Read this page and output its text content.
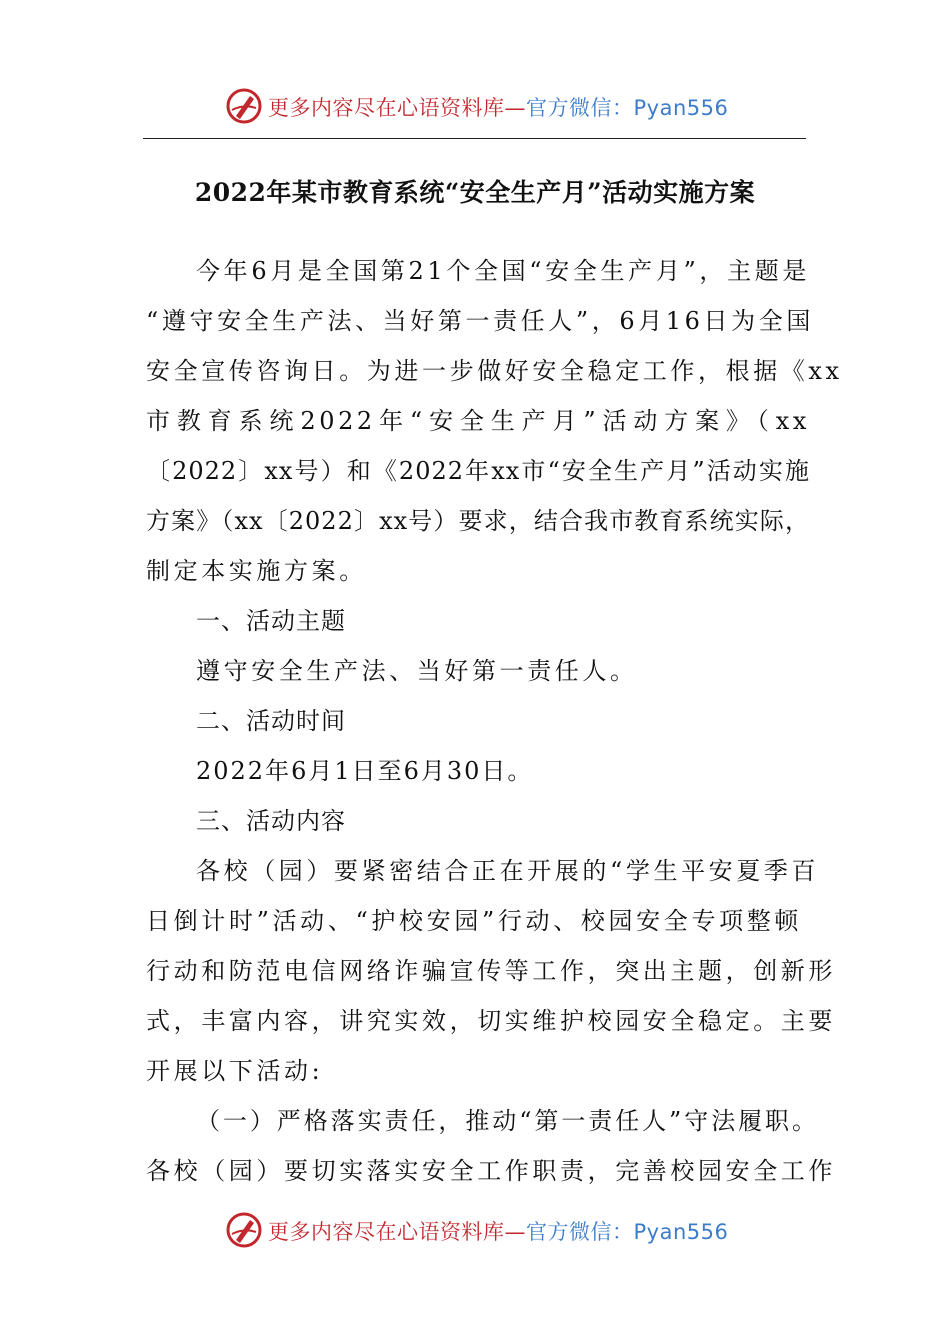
更多内容尽在心语资料库—官方微信：Pyan556
2022年某市教育系统“安全生产月”活动实施方案
今年6月是全国第21个全国“安全生产月”，主题是
“遵守安全生产法、当好第一责任人”，6月16日为全国
安全宣传咨询日。为进一步做好安全稳定工作，根据《xx
市教育系统2022年“安全生产月”活动方案》（xx
〔2022〕xx号）和《2022年xx市“安全生产月”活动实施
方案》（xx〔2022〕xx号）要求，结合我市教育系统实际，
制定本实施方案。
一、活动主题
遵守安全生产法、当好第一责任人。
二、活动时间
2022年6月1日至6月30日。
三、活动内容
各校（园）要紧密结合正在开展的“学生平安夏季百
日倒计时”活动、“护校安园”行动、校园安全专项整顿
行动和防范电信网络诈骗宣传等工作，突出主题，创新形
式，丰富内容，讲究实效，切实维护校园安全稳定。主要
开展以下活动:
（一）严格落实责任，推动“第一责任人”守法履职。
各校（园）要切实落实安全工作职责，完善校园安全工作
更多内容尽在心语资料库—官方微信：Pyan556
